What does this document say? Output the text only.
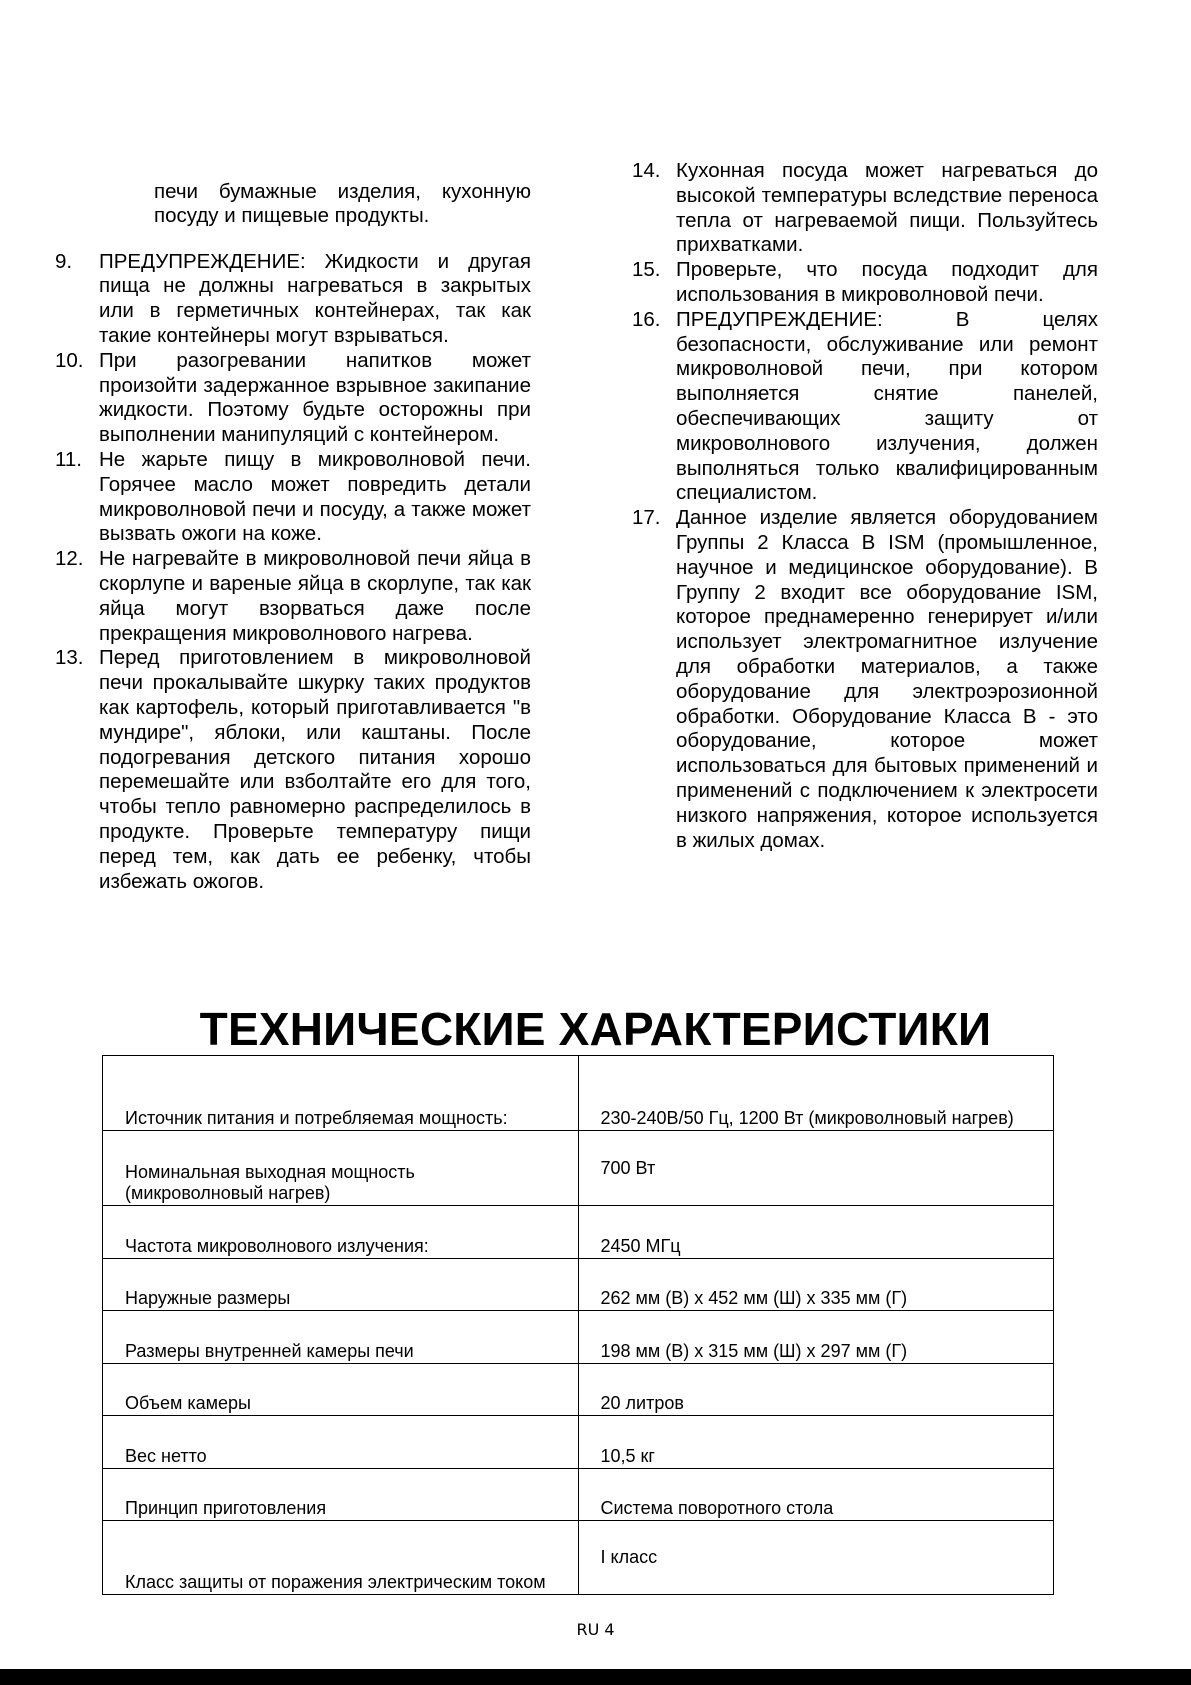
печи бумажные изделия, кухонную посуду и пищевые продукты.

9. ПРЕДУПРЕЖДЕНИЕ: Жидкости и другая пища не должны нагреваться в закрытых или в герметичных контейнерах, так как такие контейнеры могут взрываться.
10. При разогревании напитков может произойти задержанное взрывное закипание жидкости. Поэтому будьте осторожны при выполнении манипуляций с контейнером.
11. Не жарьте пищу в микроволновой печи. Горячее масло может повредить детали микроволновой печи и посуду, а также может вызвать ожоги на коже.
12. Не нагревайте в микроволновой печи яйца в скорлупе и вареные яйца в скорлупе, так как яйца могут взорваться даже после прекращения микроволнового нагрева.
13. Перед приготовлением в микроволновой печи прокалывайте шкурку таких продуктов как картофель, который приготавливается "в мундире", яблоки, или каштаны. После подогревания детского питания хорошо перемешайте или взболтайте его для того, чтобы тепло равномерно распределилось в продукте. Проверьте температуру пищи перед тем, как дать ее ребенку, чтобы избежать ожогов.
14. Кухонная посуда может нагреваться до высокой температуры вследствие переноса тепла от нагреваемой пищи. Пользуйтесь прихватками.
15. Проверьте, что посуда подходит для использования в микроволновой печи.
16. ПРЕДУПРЕЖДЕНИЕ: В целях безопасности, обслуживание или ремонт микроволновой печи, при котором выполняется снятие панелей, обеспечивающих защиту от микроволнового излучения, должен выполняться только квалифицированным специалистом.
17. Данное изделие является оборудованием Группы 2 Класса B ISM (промышленное, научное и медицинское оборудование). В Группу 2 входит все оборудование ISM, которое преднамеренно генерирует и/или использует электромагнитное излучение для обработки материалов, а также оборудование для электроэрозионной обработки. Оборудование Класса B - это оборудование, которое может использоваться для бытовых применений и применений с подключением к электросети низкого напряжения, которое используется в жилых домах.
ТЕХНИЧЕСКИЕ ХАРАКТЕРИСТИКИ
Источник питания и потребляемая мощность:	230-240В/50 Гц, 1200 Вт (микроволновый нагрев)
Номинальная выходная мощность (микроволновый нагрев)	700 Вт
Частота микроволнового излучения:	2450 МГц
Наружные размеры	262 мм (В) x 452 мм (Ш) x 335 мм (Г)
Размеры внутренней камеры печи	198 мм (В) x 315 мм (Ш) x 297 мм (Г)
Объем камеры	20 литров
Вес нетто	10,5 кг
Принцип приготовления	Система поворотного стола
Класс защиты от поражения электрическим током	I класс
RU 4
